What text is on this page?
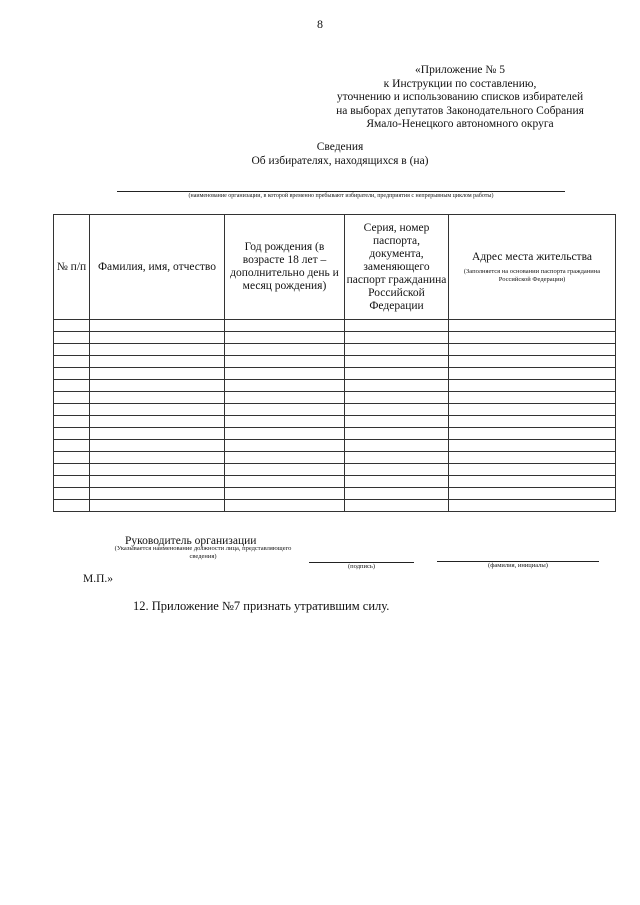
8
«Приложение № 5
к Инструкции по составлению,
уточнению и использованию списков избирателей
на выборах депутатов Законодательного Собрания
Ямало-Ненецкого автономного округа
Сведения
Об избирателях, находящихся в (на)
(наименование организации, в которой временно пребывают избиратели, предприятия с непрерывным циклом работы)
№ п/п	Фамилия, имя, отчество	Год рождения (в возрасте 18 лет – дополнительно день и месяц рождения)	Серия, номер паспорта, документа, заменяющего паспорт гражданина Российской Федерации	Адрес места жительства
(Заполняется на основании паспорта гражданина Российской Федерации)

Руководитель организации
(Указывается наименование должности лица, представляющего сведения)
(подпись)	(фамилия, инициалы)
М.П.»
12. Приложение №7 признать утратившим силу.
